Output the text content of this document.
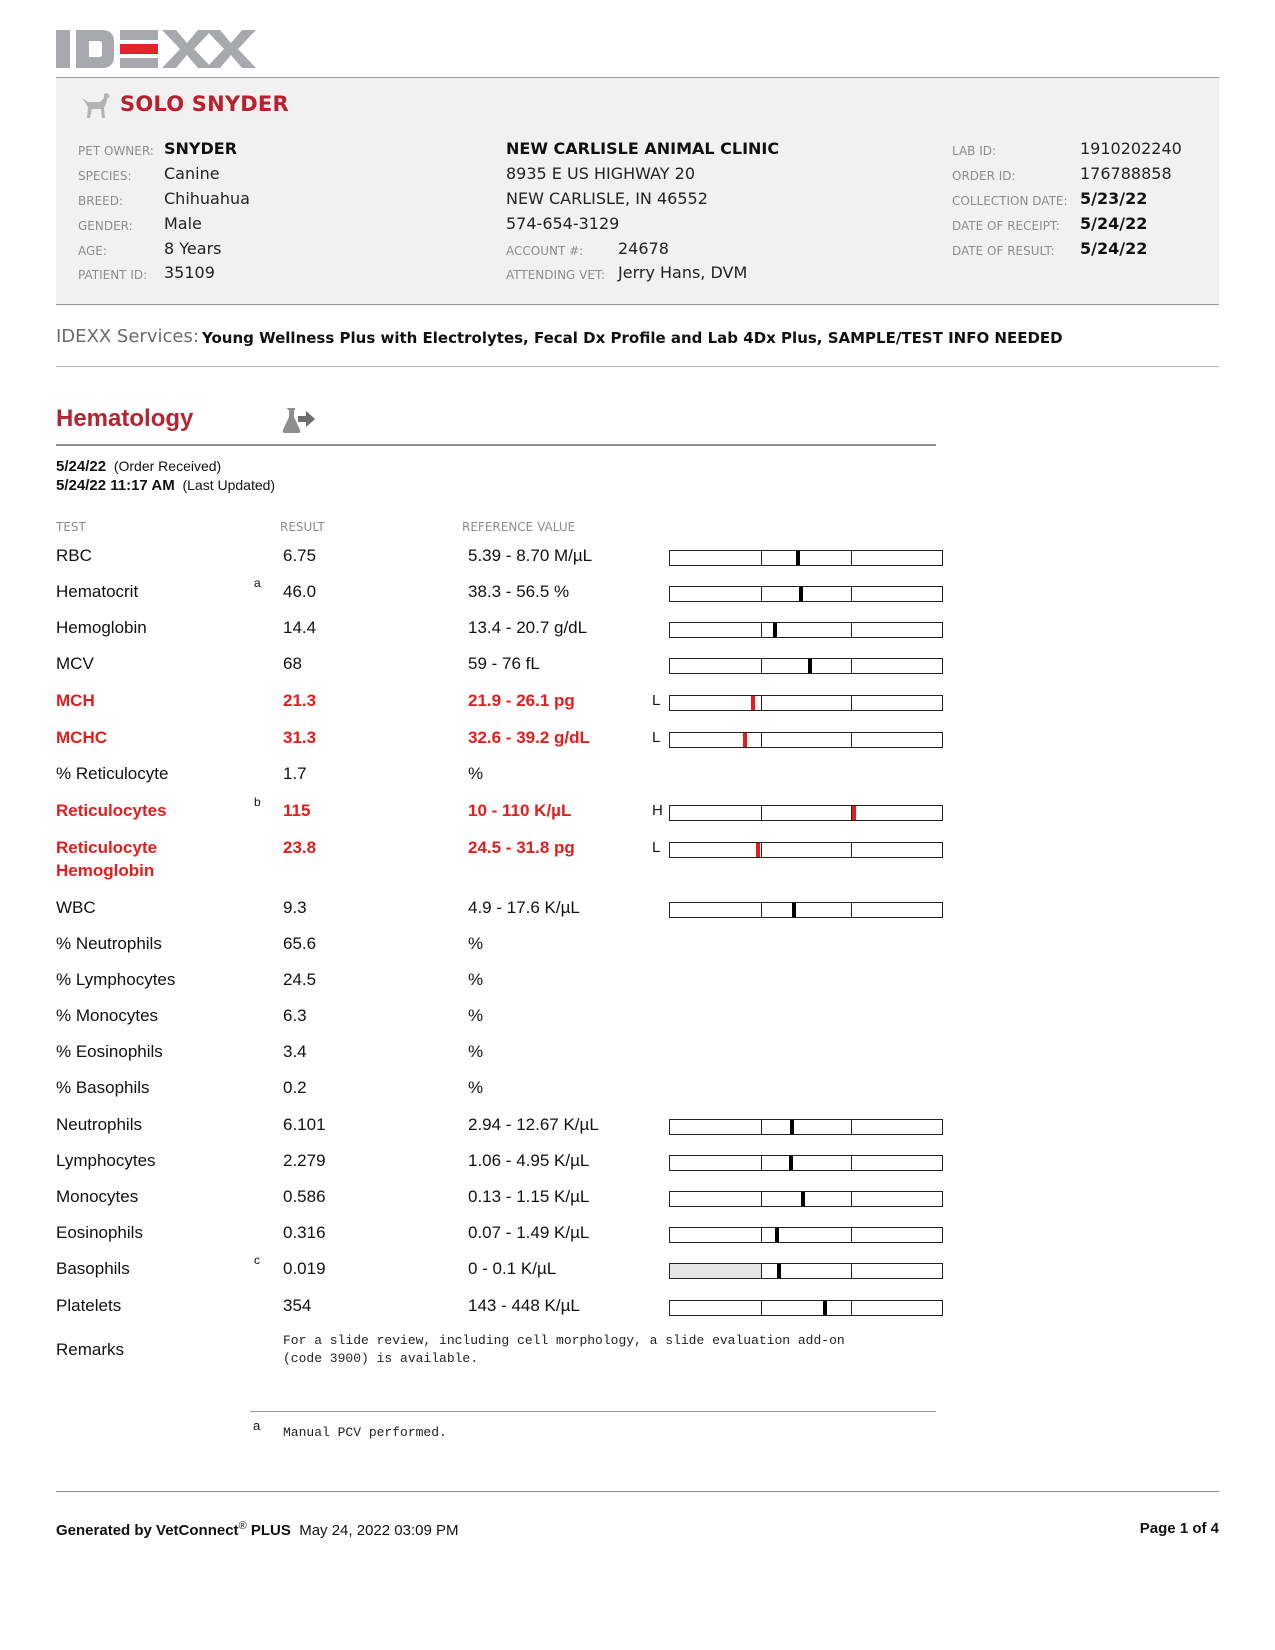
SOLO SNYDER
PET OWNER: SNYDER
SPECIES: Canine
BREED:	Chihuahua
GENDER: Male
AGE:	8 Years
PATIENT ID: 35109
NEW CARLISLE ANIMAL CLINIC
8935 E US HIGHWAY 20
NEW CARLISLE, IN 46552
574-654-3129
ACCOUNT #: 24678
ATTENDING VET: Jerry Hans, DVM
LAB ID:	1910202240
ORDER ID:	176788858
COLLECTION DATE: 5/23/22
DATE OF RECEIPT: 5/24/22
DATE OF RESULT: 5/24/22
IDEXX Services: Young Wellness Plus with Electrolytes, Fecal Dx Profile and Lab 4Dx Plus, SAMPLE/TEST INFO NEEDED
Hematology
5/24/22 (Order Received)
5/24/22 11:17 AM (Last Updated)
TEST	RESULT	REFERENCE VALUE
RBC	6.75	5.39 - 8.70 M/µL
Hematocrit	46.0	38.3 - 56.5 %
a
Hemoglobin	14.4	13.4 - 20.7 g/dL
MCV	68	59 - 76 fL
MCH	21.3	21.9 - 26.1 pg	L
MCHC	31.3	32.6 - 39.2 g/dL	L
% Reticulocyte	1.7	%
Reticulocytes	115	10 - 110 K/µL
b	H
Reticulocyte Hemoglobin
23.8	24.5 - 31.8 pg	L
WBC	9.3	4.9 - 17.6 K/µL
% Neutrophils	65.6	%
% Lymphocytes	24.5	%
% Monocytes	6.3	%
% Eosinophils	3.4	%
% Basophils	0.2	%
Neutrophils	6.101	2.94 - 12.67 K/µL
Lymphocytes	2.279	1.06 - 4.95 K/µL
Monocytes	0.586	0.13 - 1.15 K/µL
Eosinophils	0.316	0.07 - 1.49 K/µL
Basophils	0.019	0 - 0.1 K/µL
c
Platelets	354	143 - 448 K/µL
Remarks	For a slide review, including cell morphology, a slide evaluation add-on
(code 3900) is available.
a Manual PCV performed.
Generated by VetConnect® PLUS May 24, 2022 03:09 PM	Page 1 of 4
